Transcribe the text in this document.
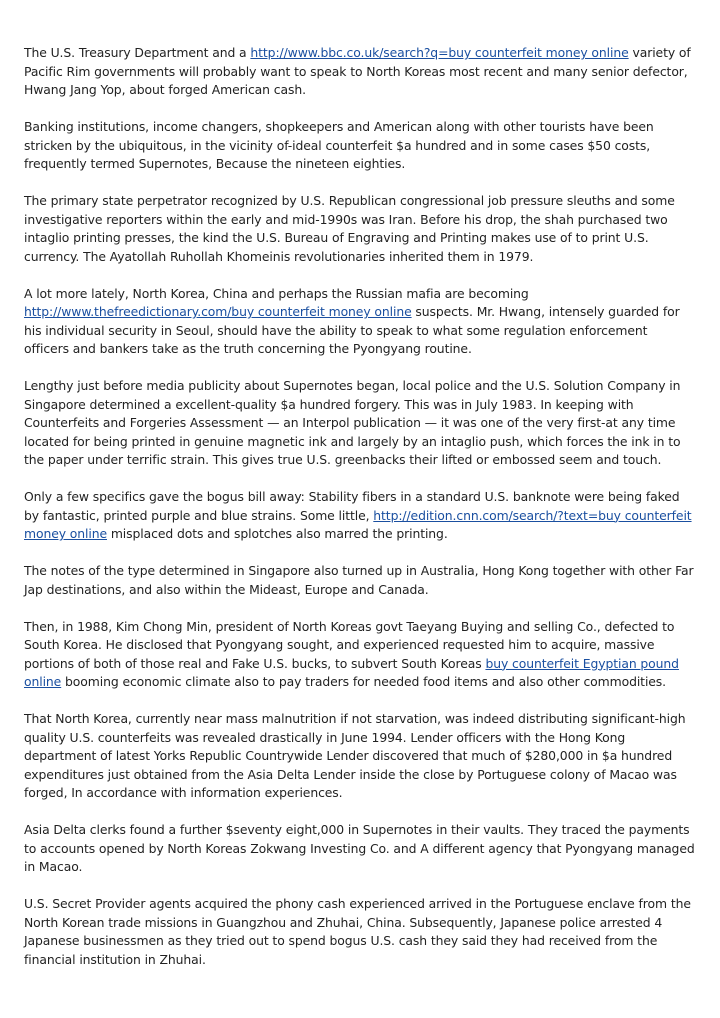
The U.S. Treasury Department and a http://www.bbc.co.uk/search?q=buy counterfeit money online variety of Pacific Rim governments will probably want to speak to North Koreas most recent and many senior defector, Hwang Jang Yop, about forged American cash.

Banking institutions, income changers, shopkeepers and American along with other tourists have been stricken by the ubiquitous, in the vicinity of-ideal counterfeit $a hundred and in some cases $50 costs, frequently termed Supernotes, Because the nineteen eighties.

The primary state perpetrator recognized by U.S. Republican congressional job pressure sleuths and some investigative reporters within the early and mid-1990s was Iran. Before his drop, the shah purchased two intaglio printing presses, the kind the U.S. Bureau of Engraving and Printing makes use of to print U.S. currency. The Ayatollah Ruhollah Khomeinis revolutionaries inherited them in 1979.

A lot more lately, North Korea, China and perhaps the Russian mafia are becoming http://www.thefreedictionary.com/buy counterfeit money online suspects. Mr. Hwang, intensely guarded for his individual security in Seoul, should have the ability to speak to what some regulation enforcement officers and bankers take as the truth concerning the Pyongyang routine.

Lengthy just before media publicity about Supernotes began, local police and the U.S. Solution Company in Singapore determined a excellent-quality $a hundred forgery. This was in July 1983. In keeping with Counterfeits and Forgeries Assessment — an Interpol publication — it was one of the very first-at any time located for being printed in genuine magnetic ink and largely by an intaglio push, which forces the ink in to the paper under terrific strain. This gives true U.S. greenbacks their lifted or embossed seem and touch.

Only a few specifics gave the bogus bill away: Stability fibers in a standard U.S. banknote were being faked by fantastic, printed purple and blue strains. Some little, http://edition.cnn.com/search/?text=buy counterfeit money online misplaced dots and splotches also marred the printing.

The notes of the type determined in Singapore also turned up in Australia, Hong Kong together with other Far Jap destinations, and also within the Mideast, Europe and Canada.

Then, in 1988, Kim Chong Min, president of North Koreas govt Taeyang Buying and selling Co., defected to South Korea. He disclosed that Pyongyang sought, and experienced requested him to acquire, massive portions of both of those real and Fake U.S. bucks, to subvert South Koreas buy counterfeit Egyptian pound online booming economic climate also to pay traders for needed food items and also other commodities.

That North Korea, currently near mass malnutrition if not starvation, was indeed distributing significant-high quality U.S. counterfeits was revealed drastically in June 1994. Lender officers with the Hong Kong department of latest Yorks Republic Countrywide Lender discovered that much of $280,000 in $a hundred expenditures just obtained from the Asia Delta Lender inside the close by Portuguese colony of Macao was forged, In accordance with information experiences.

Asia Delta clerks found a further $seventy eight,000 in Supernotes in their vaults. They traced the payments to accounts opened by North Koreas Zokwang Investing Co. and A different agency that Pyongyang managed in Macao.

U.S. Secret Provider agents acquired the phony cash experienced arrived in the Portuguese enclave from the North Korean trade missions in Guangzhou and Zhuhai, China. Subsequently, Japanese police arrested 4 Japanese businessmen as they tried out to spend bogus U.S. cash they said they had received from the financial institution in Zhuhai.
